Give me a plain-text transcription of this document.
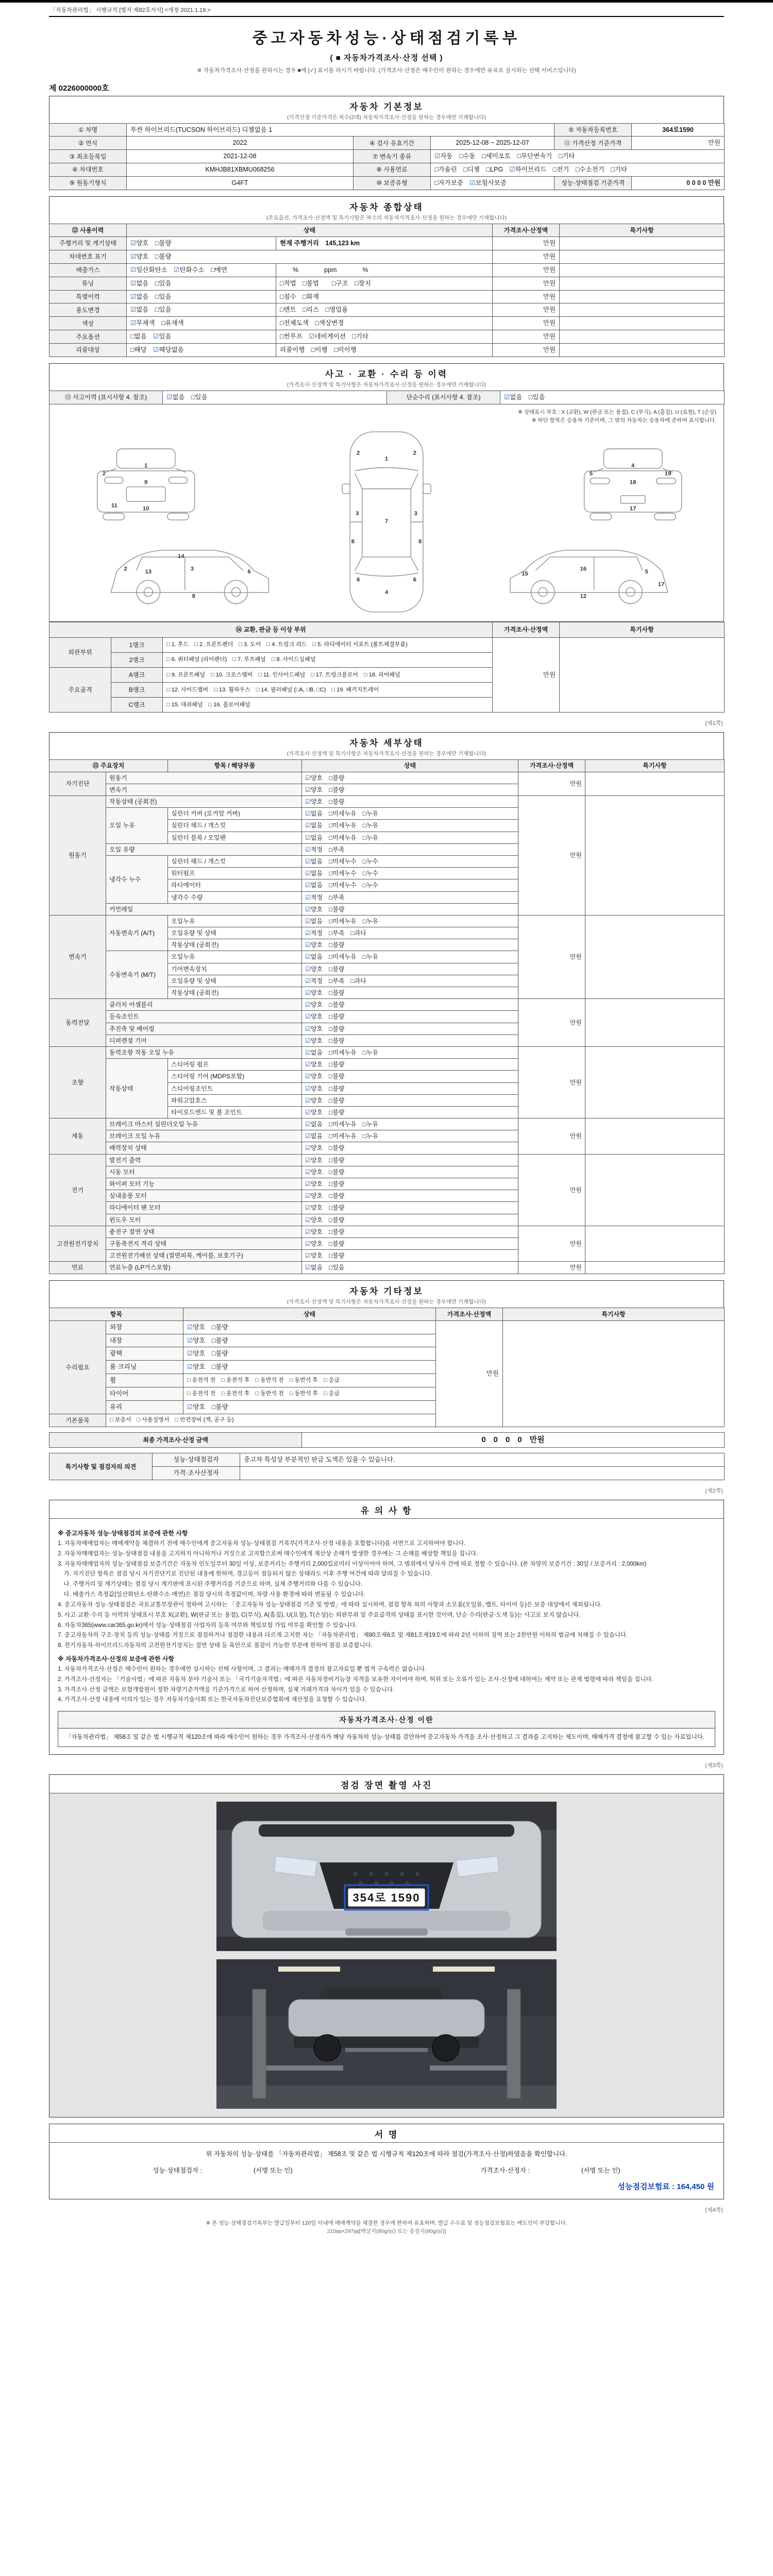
「자동차관리법」 시행규칙 [별지 제82호서식] <개정 2021.1.19.>
중고자동차성능·상태점검기록부
( ■ 자동차가격조사·산정 선택 )
※ 자동차가격조사·산정을 원하시는 경우 ■에 [✓] 표시를 하시기 바랍니다. (가격조사·산정은 매수인이 원하는 경우에만 유료로 실시하는 선택 서비스입니다)
제 0226000000호
자동차 기본정보
(가격산정 기준가격은 복수(2대) 자동차가격조사·산정을 원하는 경우에만 기재합니다)
① 차명	투싼 하이브리드(TUCSON 하이브리드) 디젤없음 1			⑤ 자동차등록번호	364로1590
② 연식	2022	④ 검사 유효기간	2025-12-08 ~ 2025-12-07	⑪ 가격산정 기준가격	만원
③ 최초등록일	2021-12-08	⑦ 변속기 종류	☑자동　□수동　□세미오토　□무단변속기　□기타		
⑥ 차대번호	KMHJB81XBMU068256	⑧ 사용연료	□가솔린　□디젤　□LPG　☑하이브리드　□전기　□수소전기　□기타		
⑨ 원동기형식	G4FT	⑩ 보증유형	□자가보증　☑보험사보증	성능·상태점검 기준가격	0 0 0 0 만원
자동차 종합상태
(주요옵션, 가격조사·산정액 및 특기사항은 복수의 자동차가격조사·산정을 원하는 경우에만 기재합니다)
⑫ 사용이력	상태		가격조사·산정액	특기사항
주행거리 및 계기상태	☑양호　□불량	현재 주행거리　145,123 km	만원	
차대번호 표기	☑양호　□불량		만원	
배출가스	☑일산화탄소　☑탄화수소　□매연	　　%　　　　ppm　　　　%	만원	
튜닝	☑없음　□있음	□적법　□불법　　□구조　□장치	만원	
특별이력	☑없음　□있음	□침수　□화재	만원	
용도변경	☑없음　□있음	□렌트　□리스　□영업용	만원	
색상	☑무채색　□유채색	□전체도색　□색상변경	만원	
주요옵션	□없음　☑있음	□썬루프　☑네비게이션　□기타	만원	
리콜대상	□해당　☑해당없음	리콜이행　□이행　□미이행	만원	
사고 · 교환 · 수리 등 이력
(가격조사·산정액 및 특기사항은 자동차가격조사·산정을 원하는 경우에만 기재합니다)
⑬ 사고이력 (표시사항 4. 참조)	☑없음　□있음	단순수리 (표시사항 4. 참조)	☑없음　□있음
※ 상태표시 부호 : X (교환), W (판금 또는 용접), C (부식), A (흠집), U (요철), T (손상)
※ 하단 항목은 승용차 기준이며, 그 밖의 자동차는 승용차에 준하여 표시합니다.
1
2
9
10
11
2	2
1
3	3
7
8	8
6	6
4
4
5
18
17
19
13	3
14
8
2	6
12
16
15	5
17
⑭ 교환, 판금 등 이상 부위			가격조사·산정액	특기사항
외판부위	1랭크	□ 1. 후드　□ 2. 프론트펜더　□ 3. 도어　□ 4. 트렁크 리드　□ 5. 라디에이터 서포트 (볼트체결부품)	만원	
	2랭크	□ 6. 쿼터패널 (리어펜더)　□ 7. 루프패널　□ 8. 사이드실패널		
주요골격	A랭크	□ 9. 프론트패널　□ 10. 크로스멤버　□ 11. 인사이드패널　□ 17. 트렁크플로어　□ 18. 리어패널		
	B랭크	□ 12. 사이드멤버　□ 13. 휠하우스　□ 14. 필러패널 (□A, □B, □C)　□ 19. 패키지트레이		
	C랭크	□ 15. 대쉬패널　□ 16. 플로어패널		
(제1쪽)
자동차 세부상태
(가격조사·산정액 및 특기사항은 자동차가격조사·산정을 원하는 경우에만 기재합니다)
⑮ 주요장치		항목 / 해당부품	상태	가격조사·산정액	특기사항
자기진단	원동기		☑양호　□불량	만원	
	변속기		☑양호　□불량		
원동기	작동상태 (공회전)		☑양호　□불량	만원	
	오일 누유	실린더 커버 (로커암 커버)	☑없음　□미세누유　□누유		
		실린더 헤드 / 개스킷	☑없음　□미세누유　□누유		
		실린더 블록 / 오일팬	☑없음　□미세누유　□누유		
	오일 유량		☑적정　□부족		
	냉각수 누수	실린더 헤드 / 개스킷	☑없음　□미세누수　□누수		
		워터펌프	☑없음　□미세누수　□누수		
		라디에이터	☑없음　□미세누수　□누수		
		냉각수 수량	☑적정　□부족		
	커먼레일		☑양호　□불량		
변속기	자동변속기 (A/T)	오일누유	☑없음　□미세누유　□누유	만원	
		오일유량 및 상태	☑적정　□부족　□과다		
		작동상태 (공회전)	☑양호　□불량		
	수동변속기 (M/T)	오일누유	☑없음　□미세누유　□누유		
		기어변속장치	☑양호　□불량		
		오일유량 및 상태	☑적정　□부족　□과다		
		작동상태 (공회전)	☑양호　□불량		
동력전달	클러치 어셈블리		☑양호　□불량	만원	
	등속조인트		☑양호　□불량		
	추진축 및 베어링		☑양호　□불량		
	디퍼렌셜 기어		☑양호　□불량		
조향	동력조향 작동 오일 누유		☑없음　□미세누유　□누유	만원	
	작동상태	스티어링 펌프	☑양호　□불량		
		스티어링 기어 (MDPS포함)	☑양호　□불량		
		스티어링조인트	☑양호　□불량		
		파워고압호스	☑양호　□불량		
		타이로드엔드 및 볼 조인트	☑양호　□불량		
제동	브레이크 마스터 실린더오일 누유		☑없음　□미세누유　□누유	만원	
	브레이크 오일 누유		☑없음　□미세누유　□누유		
	배력장치 상태		☑양호　□불량		
전기	발전기 출력		☑양호　□불량	만원	
	시동 모터		☑양호　□불량		
	와이퍼 모터 기능		☑양호　□불량		
	실내송풍 모터		☑양호　□불량		
	라디에이터 팬 모터		☑양호　□불량		
	윈도우 모터		☑양호　□불량		
고전원전기장치	충전구 절연 상태		☑양호　□불량	만원	
	구동축전지 격리 상태		☑양호　□불량		
	고전원전기배선 상태 (절연피복, 케이블, 보호기구)		☑양호　□불량		
연료	연료누출 (LP가스포함)		☑없음　□있음	만원	
자동차 기타정보
(가격조사·산정액 및 특기사항은 자동차가격조사·산정을 원하는 경우에만 기재합니다)
항목		상태	가격조사·산정액	특기사항
수리필요	외장	☑양호　□불량	만원	
	내장	☑양호　□불량		
	광택	☑양호　□불량		
	룸 크리닝	☑양호　□불량		
	휠	□ 운전석 전　□ 운전석 후　□ 동반석 전　□ 동반석 후　□ 응급		
	타이어	□ 운전석 전　□ 운전석 후　□ 동반석 전　□ 동반석 후　□ 응급		
	유리	☑양호　□불량		
기본품목	□ 보증서　□ 사용설명서　□ 안전장비 (잭, 공구 등)			
최종 가격조사·산정 금액	0　0　0　0　만원
특기사항 및 점검자의 의견	성능·상태점검자	중고차 특성상 부분적인 판금 도색은 있을 수 있습니다.
	가격·조사산정자	
(제2쪽)
유 의 사 항

※ 중고자동차 성능·상태점검의 보증에 관한 사항

1. 자동차매매업자는 매매계약을 체결하기 전에 매수인에게 중고자동차 성능·상태점검 기록부(가격조사·산정 내용을 포함합니다)를 서면으로 고지하여야 합니다.

2. 자동차매매업자는 성능·상태점검 내용을 고지하지 아니하거나 거짓으로 고지함으로써 매수인에게 재산상 손해가 발생한 경우에는 그 손해를 배상할 책임을 집니다.

3. 자동차매매업자의 성능·상태점검 보증기간은 자동차 인도일부터 30일 이상, 보증거리는 주행거리 2,000킬로미터 이상이어야 하며, 그 범위에서 당사자 간에 따로 정할 수 있습니다. (본 차량의 보증기간 : 30일 / 보증거리 : 2,000km)

　가. 자기진단 항목은 점검 당시 자기진단기로 진단된 내용에 한하며, 경고등이 점등되지 않은 상태라도 이후 주행 여건에 따라 달라질 수 있습니다.

　나. 주행거리 및 계기상태는 점검 당시 계기판에 표시된 주행거리를 기준으로 하며, 실제 주행거리와 다를 수 있습니다.

　다. 배출가스 측정값(일산화탄소·탄화수소·매연)은 점검 당시의 측정값이며, 차량 사용 환경에 따라 변동될 수 있습니다.

4. 중고자동차 성능·상태점검은 국토교통부장관이 정하여 고시하는 「중고자동차 성능·상태점검 기준 및 방법」에 따라 실시하며, 점검 항목 외의 사항과 소모품(오일류, 벨트, 타이어 등)은 보증 대상에서 제외됩니다.

5. 사고·교환·수리 등 이력의 상태표시 부호 X(교환), W(판금 또는 용접), C(부식), A(흠집), U(요철), T(손상)는 외판부위 및 주요골격의 상태를 표시한 것이며, 단순 수리(판금·도색 등)는 사고로 보지 않습니다.

6. 자동차365(www.car365.go.kr)에서 성능·상태점검 사업자의 등록 여부와 책임보험 가입 여부를 확인할 수 있습니다.

7. 중고자동차의 구조·장치 등의 성능·상태를 거짓으로 점검하거나 점검한 내용과 다르게 고지한 자는 「자동차관리법」 제80조제6호 및 제81조제19호에 따라 2년 이하의 징역 또는 2천만원 이하의 벌금에 처해질 수 있습니다.

8. 전기자동차·하이브리드자동차의 고전원전기장치는 절연 상태 등 육안으로 점검이 가능한 부분에 한하여 점검·보증합니다.

※ 자동차가격조사·산정의 보증에 관한 사항

1. 자동차가격조사·산정은 매수인이 원하는 경우에만 실시하는 선택 사항이며, 그 결과는 매매가격 결정의 참고자료일 뿐 법적 구속력은 없습니다.

2. 가격조사·산정자는 「기술사법」에 따른 자동차 분야 기술사 또는 「국가기술자격법」에 따른 자동차정비기능장 자격을 보유한 자이어야 하며, 허위 또는 오류가 있는 조사·산정에 대하여는 계약 또는 관계 법령에 따라 책임을 집니다.

3. 가격조사·산정 금액은 보험개발원이 정한 차량기준가액을 기준가격으로 하여 산정하며, 실제 거래가격과 차이가 있을 수 있습니다.

4. 가격조사·산정 내용에 이의가 있는 경우 자동차기술사회 또는 한국자동차진단보증협회에 재산정을 요청할 수 있습니다.

자동차가격조사·산정 이란

「자동차관리법」 제58조 및 같은 법 시행규칙 제120조에 따라 매수인이 원하는 경우 가격조사·산정자가 해당 자동차의 성능·상태를 감안하여 중고자동차 가격을 조사·산정하고 그 결과를 고지하는 제도이며, 매매가격 결정에 참고할 수 있는 자료입니다.

(제3쪽)
점검 장면 촬영 사진
354로 1590
서 명

위 자동차의 성능·상태를 「자동차관리법」 제58조 및 같은 법 시행규칙 제120조에 따라 점검(가격조사·산정)하였음을 확인합니다.

성능·상태점검자 :　　　　　　　　(서명 또는 인)	가격조사·산정자 :　　　　　　　　(서명 또는 인)
성능점검보험료 : 164,450 원
(제4쪽)

※ 본 성능·상태점검기록부는 발급일부터 120일 이내에 매매계약을 체결한 경우에 한하여 유효하며, 발급 수수료 및 성능점검보험료는 매도인이 부담합니다.

210㎜×297㎜[백상지(80g/㎡) 또는 중질지(80g/㎡)]
